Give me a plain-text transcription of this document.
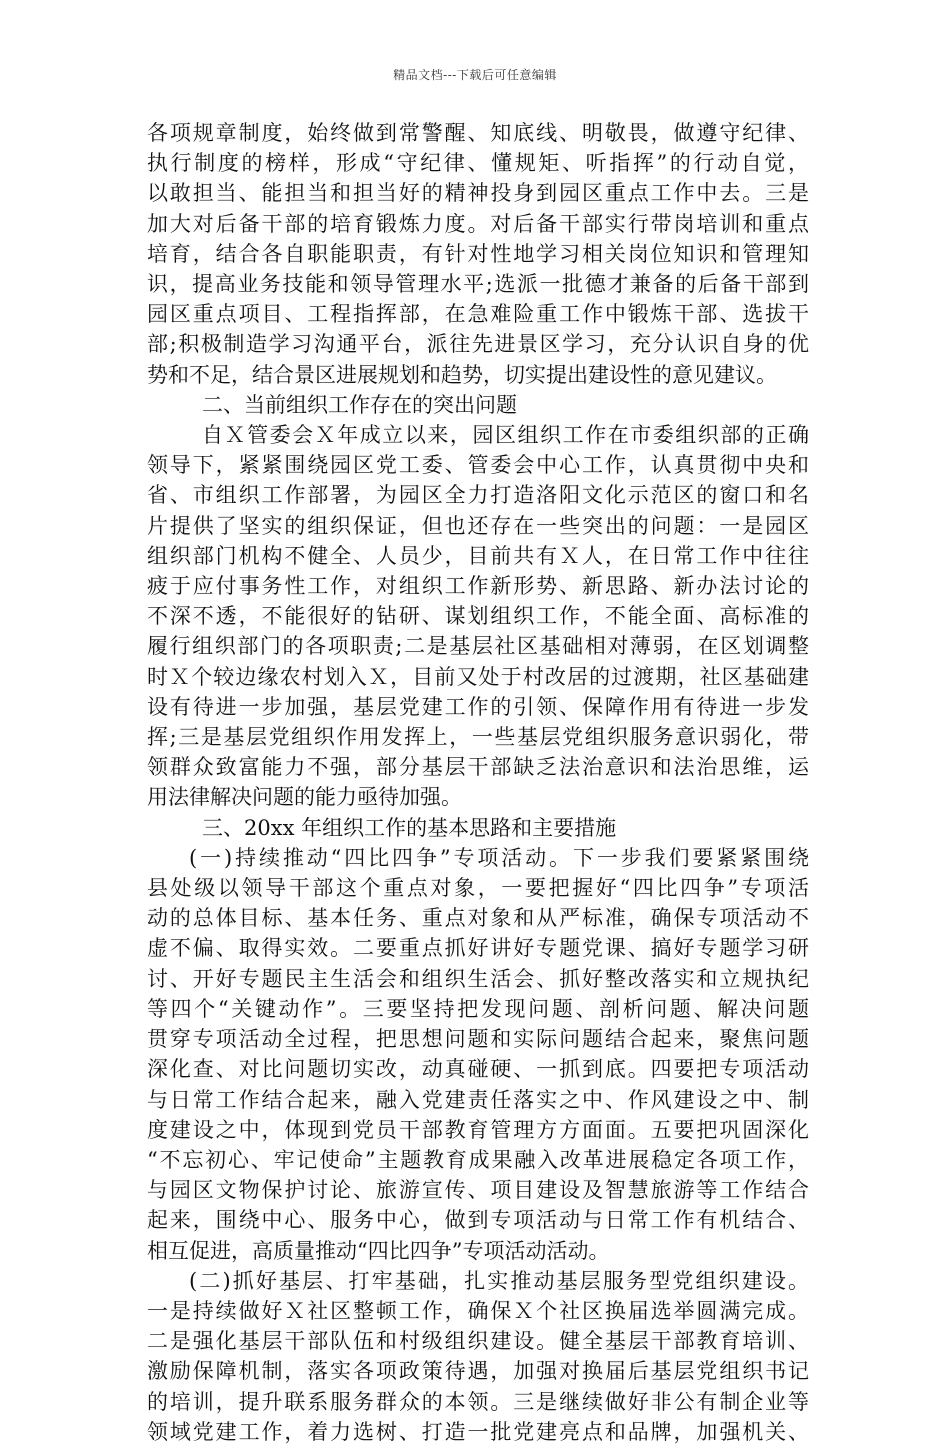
精品文档---下载后可任意编辑
各项规章制度，始终做到常警醒、知底线、明敬畏，做遵守纪律、
执行制度的榜样，形成“守纪律、懂规矩、听指挥”的行动自觉，
以敢担当、能担当和担当好的精神投身到园区重点工作中去。三是
加大对后备干部的培育锻炼力度。对后备干部实行带岗培训和重点
培育，结合各自职能职责，有针对性地学习相关岗位知识和管理知
识，提高业务技能和领导管理水平;选派一批德才兼备的后备干部到
园区重点项目、工程指挥部，在急难险重工作中锻炼干部、选拔干
部;积极制造学习沟通平台，派往先进景区学习，充分认识自身的优
势和不足，结合景区进展规划和趋势，切实提出建设性的意见建议。
二、当前组织工作存在的突出问题
自Ｘ管委会Ｘ年成立以来，园区组织工作在市委组织部的正确
领导下，紧紧围绕园区党工委、管委会中心工作，认真贯彻中央和
省、市组织工作部署，为园区全力打造洛阳文化示范区的窗口和名
片提供了坚实的组织保证，但也还存在一些突出的问题：一是园区
组织部门机构不健全、人员少，目前共有Ｘ人，在日常工作中往往
疲于应付事务性工作，对组织工作新形势、新思路、新办法讨论的
不深不透，不能很好的钻研、谋划组织工作，不能全面、高标准的
履行组织部门的各项职责;二是基层社区基础相对薄弱，在区划调整
时Ｘ个较边缘农村划入Ｘ，目前又处于村改居的过渡期，社区基础建
设有待进一步加强，基层党建工作的引领、保障作用有待进一步发
挥;三是基层党组织作用发挥上，一些基层党组织服务意识弱化，带
领群众致富能力不强，部分基层干部缺乏法治意识和法治思维，运
用法律解决问题的能力亟待加强。
三、20xx 年组织工作的基本思路和主要措施
(一)持续推动“四比四争”专项活动。下一步我们要紧紧围绕
县处级以领导干部这个重点对象，一要把握好“四比四争”专项活
动的总体目标、基本任务、重点对象和从严标准，确保专项活动不
虚不偏、取得实效。二要重点抓好讲好专题党课、搞好专题学习研
讨、开好专题民主生活会和组织生活会、抓好整改落实和立规执纪
等四个“关键动作”。三要坚持把发现问题、剖析问题、解决问题
贯穿专项活动全过程，把思想问题和实际问题结合起来，聚焦问题
深化查、对比问题切实改，动真碰硬、一抓到底。四要把专项活动
与日常工作结合起来，融入党建责任落实之中、作风建设之中、制
度建设之中，体现到党员干部教育管理方方面面。五要把巩固深化
“不忘初心、牢记使命”主题教育成果融入改革进展稳定各项工作，
与园区文物保护讨论、旅游宣传、项目建设及智慧旅游等工作结合
起来，围绕中心、服务中心，做到专项活动与日常工作有机结合、
相互促进，高质量推动“四比四争”专项活动活动。
(二)抓好基层、打牢基础，扎实推动基层服务型党组织建设。
一是持续做好Ｘ社区整顿工作，确保Ｘ个社区换届选举圆满完成。
二是强化基层干部队伍和村级组织建设。健全基层干部教育培训、
激励保障机制，落实各项政策待遇，加强对换届后基层党组织书记
的培训，提升联系服务群众的本领。三是继续做好非公有制企业等
领域党建工作，着力选树、打造一批党建亮点和品牌，加强机关、
